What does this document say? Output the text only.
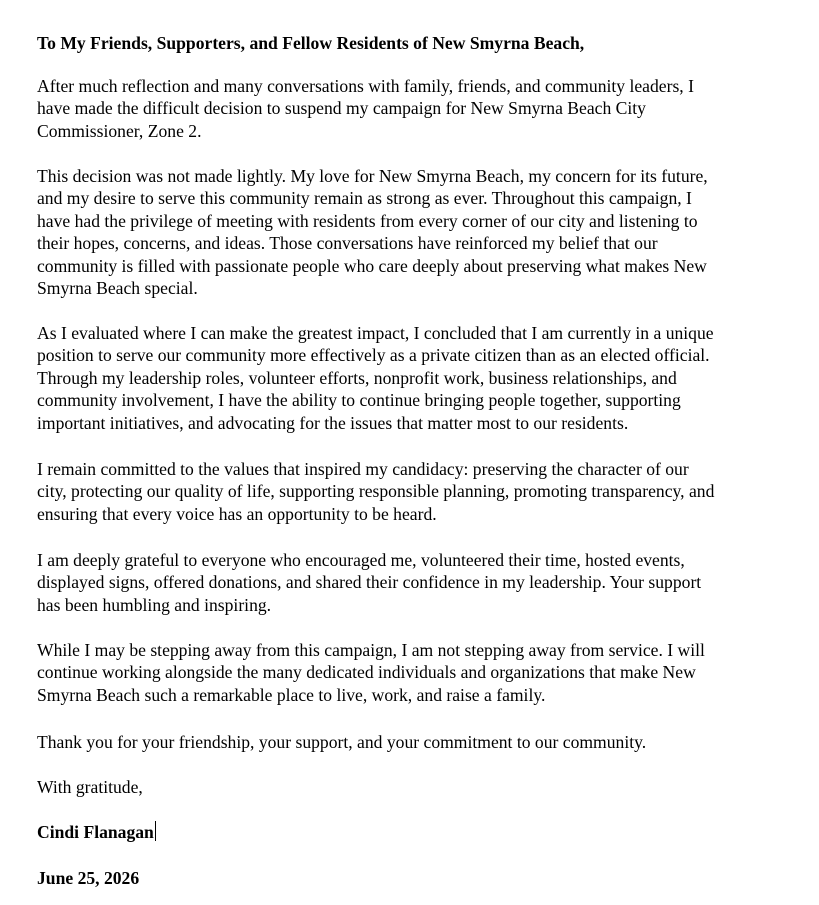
To My Friends, Supporters, and Fellow Residents of New Smyrna Beach,

After much reflection and many conversations with family, friends, and community leaders, I
have made the difficult decision to suspend my campaign for New Smyrna Beach City
Commissioner, Zone 2.

This decision was not made lightly. My love for New Smyrna Beach, my concern for its future,
and my desire to serve this community remain as strong as ever. Throughout this campaign, I
have had the privilege of meeting with residents from every corner of our city and listening to
their hopes, concerns, and ideas. Those conversations have reinforced my belief that our
community is filled with passionate people who care deeply about preserving what makes New
Smyrna Beach special.

As I evaluated where I can make the greatest impact, I concluded that I am currently in a unique
position to serve our community more effectively as a private citizen than as an elected official.
Through my leadership roles, volunteer efforts, nonprofit work, business relationships, and
community involvement, I have the ability to continue bringing people together, supporting
important initiatives, and advocating for the issues that matter most to our residents.

I remain committed to the values that inspired my candidacy: preserving the character of our
city, protecting our quality of life, supporting responsible planning, promoting transparency, and
ensuring that every voice has an opportunity to be heard.

I am deeply grateful to everyone who encouraged me, volunteered their time, hosted events,
displayed signs, offered donations, and shared their confidence in my leadership. Your support
has been humbling and inspiring.

While I may be stepping away from this campaign, I am not stepping away from service. I will
continue working alongside the many dedicated individuals and organizations that make New
Smyrna Beach such a remarkable place to live, work, and raise a family.

Thank you for your friendship, your support, and your commitment to our community.

With gratitude,

Cindi Flanagan

June 25, 2026
